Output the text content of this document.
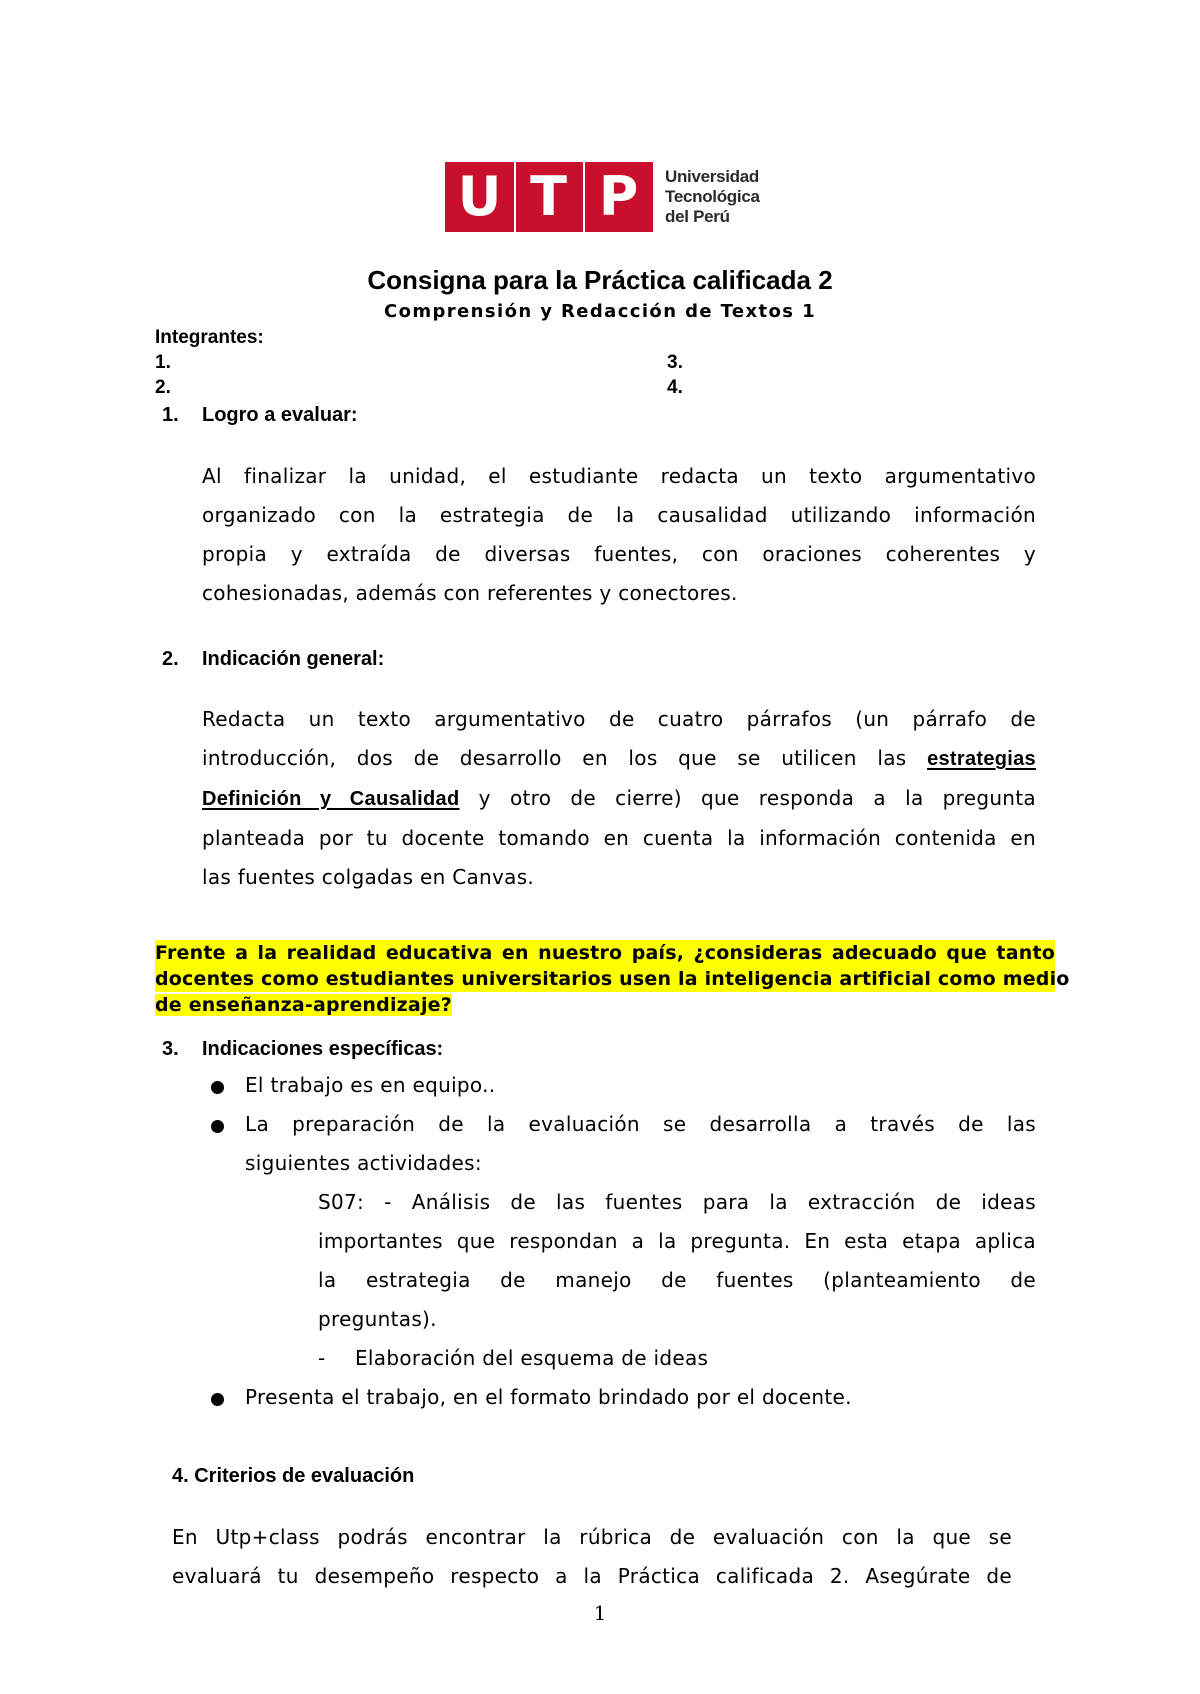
U T P	Universidad
Tecnológica
del Perú
Consigna para la Práctica calificada 2
Comprensión y Redacción de Textos 1
Integrantes:
1.
2.
3.
4.
1. Logro a evaluar:
Al finalizar la unidad, el estudiante redacta un texto argumentativo
organizado con la estrategia de la causalidad utilizando información
propia y extraída de diversas fuentes, con oraciones coherentes y
cohesionadas, además con referentes y conectores.
2. Indicación general:
Redacta un texto argumentativo de cuatro párrafos (un párrafo de
introducción, dos de desarrollo en los que se utilicen las estrategias
Definición y Causalidad y otro de cierre) que responda a la pregunta
planteada por tu docente tomando en cuenta la información contenida en
las fuentes colgadas en Canvas.
Frente a la realidad educativa en nuestro país, ¿consideras adecuado que tanto
docentes como estudiantes universitarios usen la inteligencia artificial como medio
de enseñanza-aprendizaje?
3. Indicaciones específicas:
El trabajo es en equipo..
La preparación de la evaluación se desarrolla a través de las
siguientes actividades:
S07: - Análisis de las fuentes para la extracción de ideas
importantes que respondan a la pregunta. En esta etapa aplica
la estrategia de manejo de fuentes (planteamiento de
preguntas).
- Elaboración del esquema de ideas
Presenta el trabajo, en el formato brindado por el docente.
4. Criterios de evaluación
En Utp+class podrás encontrar la rúbrica de evaluación con la que se
evaluará tu desempeño respecto a la Práctica calificada 2. Asegúrate de
1
